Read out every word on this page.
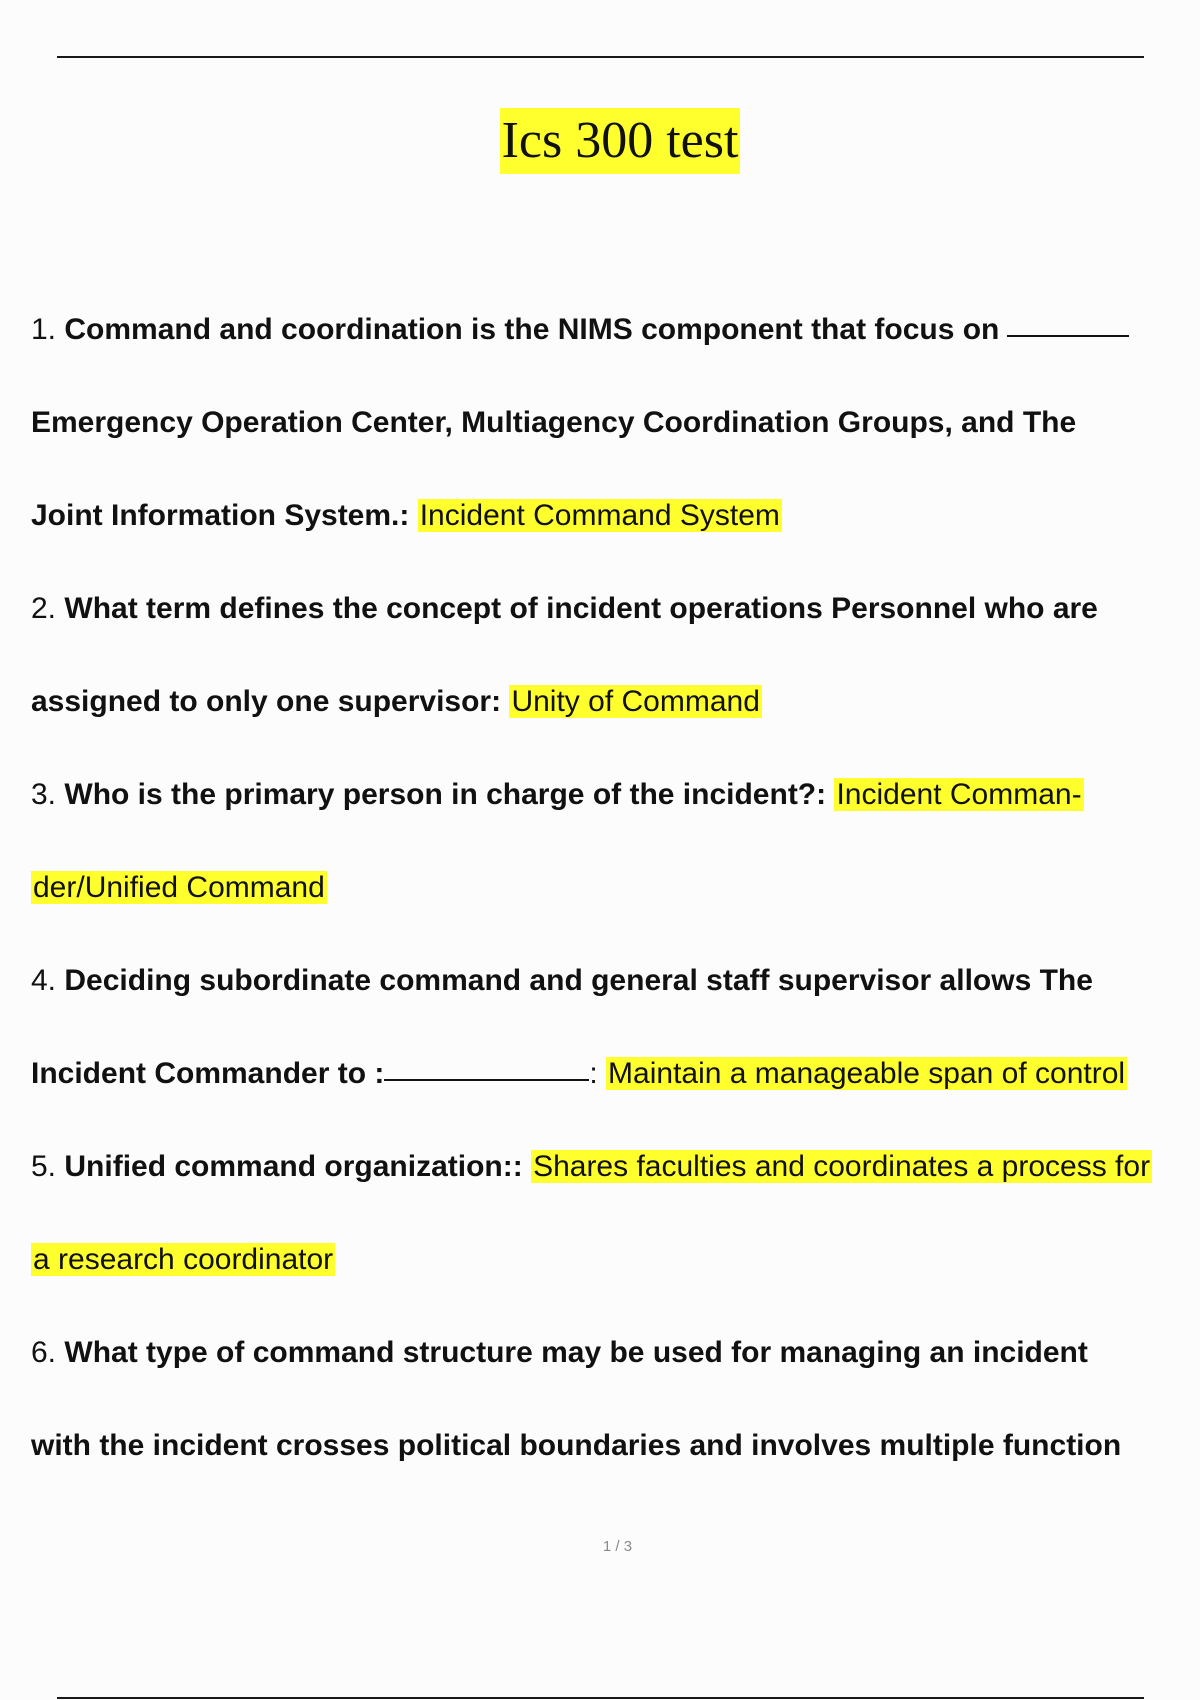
Ics 300 test
1. Command and coordination is the NIMS component that focus on
Emergency Operation Center, Multiagency Coordination Groups, and The
Joint Information System.: Incident Command System
2. What term defines the concept of incident operations Personnel who are
assigned to only one supervisor: Unity of Command
3. Who is the primary person in charge of the incident?: Incident Comman-
der/Unified Command
4. Deciding subordinate command and general staff supervisor allows The
Incident Commander to :	: Maintain a manageable span of control
5. Unified command organization:: Shares faculties and coordinates a process for
a research coordinator
6. What type of command structure may be used for managing an incident
with the incident crosses political boundaries and involves multiple function
1 / 3
